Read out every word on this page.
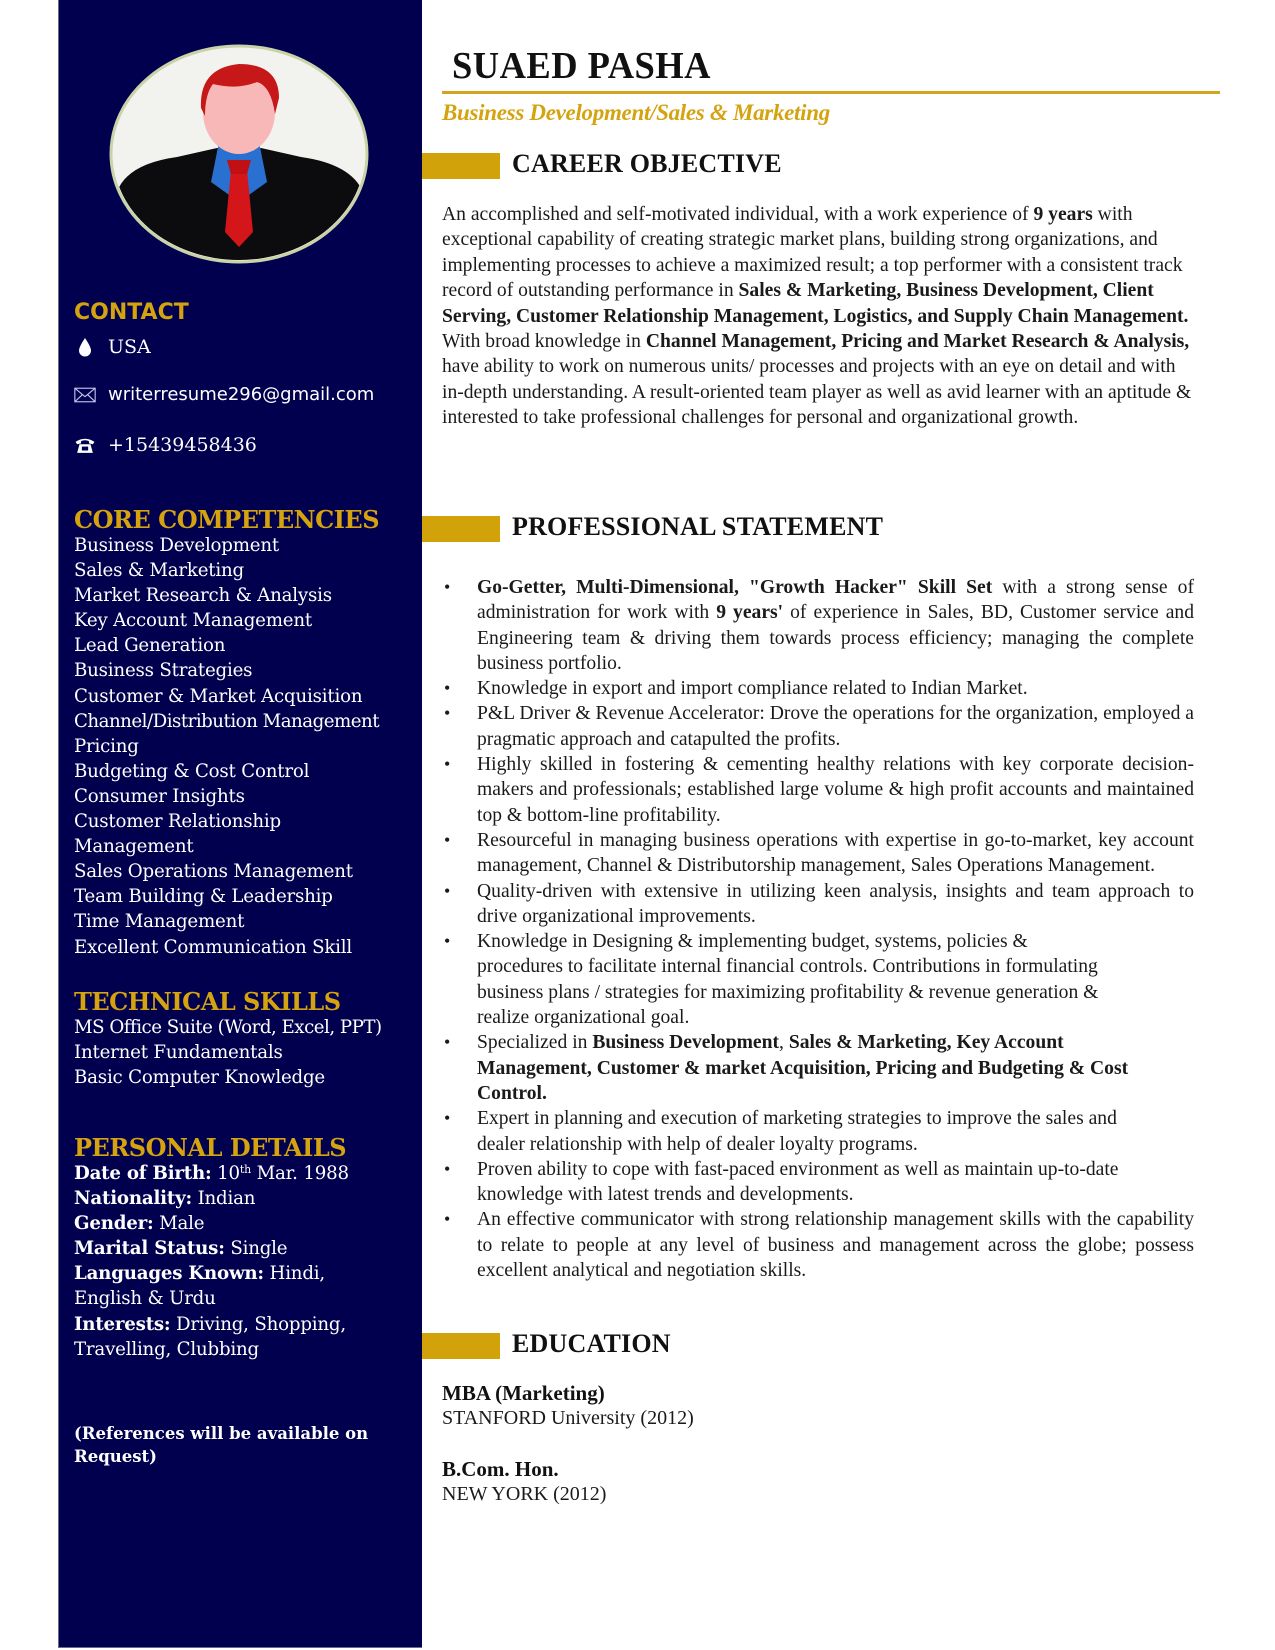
CONTACT
USA
writerresume296@gmail.com
+15439458436
CORE COMPETENCIES
Business Development
Sales & Marketing
Market Research & Analysis
Key Account Management
Lead Generation
Business Strategies
Customer & Market Acquisition
Channel/Distribution Management
Pricing
Budgeting & Cost Control
Consumer Insights
Customer Relationship Management
Sales Operations Management
Team Building & Leadership
Time Management
Excellent Communication Skill
TECHNICAL SKILLS
MS Office Suite (Word, Excel, PPT)
Internet Fundamentals
Basic Computer Knowledge
PERSONAL DETAILS
Date of Birth: 10th Mar. 1988
Nationality: Indian
Gender: Male
Marital Status: Single
Languages Known: Hindi, English & Urdu
Interests: Driving, Shopping, Travelling, Clubbing
(References will be available on Request)
SUAED PASHA
Business Development/Sales & Marketing
CAREER OBJECTIVE

An accomplished and self-motivated individual, with a work experience of 9 years with exceptional capability of creating strategic market plans, building strong organizations, and implementing processes to achieve a maximized result; a top performer with a consistent track record of outstanding performance in Sales & Marketing, Business Development, Client Serving, Customer Relationship Management, Logistics, and Supply Chain Management. With broad knowledge in Channel Management, Pricing and Market Research & Analysis, have ability to work on numerous units/ processes and projects with an eye on detail and with in-depth understanding. A result-oriented team player as well as avid learner with an aptitude & interested to take professional challenges for personal and organizational growth.

PROFESSIONAL STATEMENT
• Go-Getter, Multi-Dimensional, "Growth Hacker" Skill Set with a strong sense of administration for work with 9 years' of experience in Sales, BD, Customer service and Engineering team & driving them towards process efficiency; managing the complete business portfolio.
• Knowledge in export and import compliance related to Indian Market.
• P&L Driver & Revenue Accelerator: Drove the operations for the organization, employed a pragmatic approach and catapulted the profits.
• Highly skilled in fostering & cementing healthy relations with key corporate decision-makers and professionals; established large volume & high profit accounts and maintained top & bottom-line profitability.
• Resourceful in managing business operations with expertise in go-to-market, key account management, Channel & Distributorship management, Sales Operations Management.
• Quality-driven with extensive in utilizing keen analysis, insights and team approach to drive organizational improvements.
• Knowledge in Designing & implementing budget, systems, policies & procedures to facilitate internal financial controls. Contributions in formulating business plans / strategies for maximizing profitability & revenue generation & realize organizational goal.
• Specialized in Business Development, Sales & Marketing, Key Account Management, Customer & market Acquisition, Pricing and Budgeting & Cost Control.
• Expert in planning and execution of marketing strategies to improve the sales and dealer relationship with help of dealer loyalty programs.
• Proven ability to cope with fast-paced environment as well as maintain up-to-date knowledge with latest trends and developments.
• An effective communicator with strong relationship management skills with the capability to relate to people at any level of business and management across the globe; possess excellent analytical and negotiation skills.
EDUCATION
MBA (Marketing)
STANFORD University (2012)
B.Com. Hon.
NEW YORK (2012)
